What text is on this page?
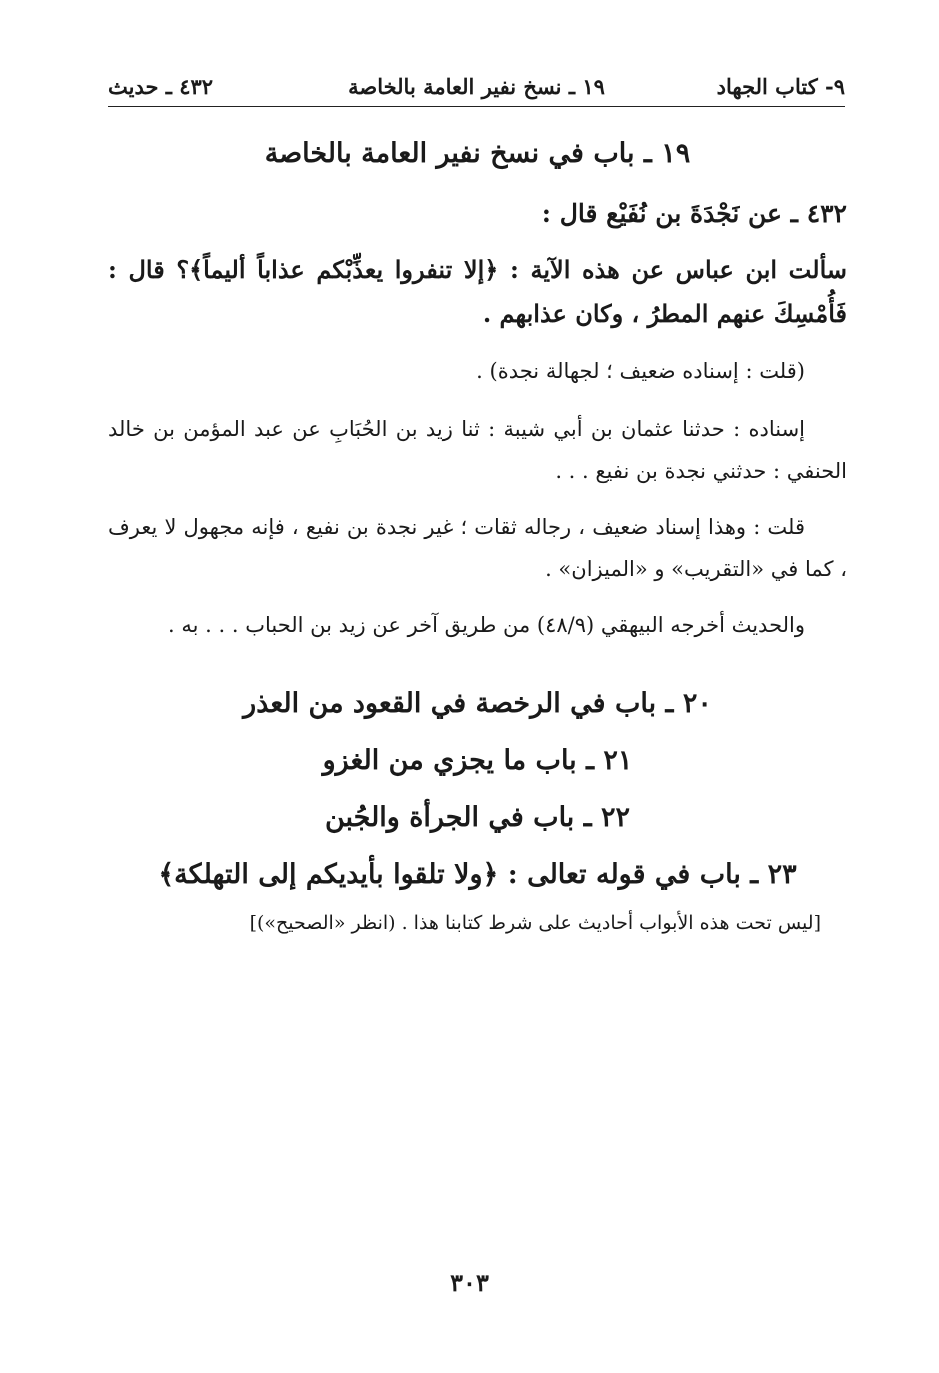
٩- كتاب الجهاد
١٩ ـ نسخ نفير العامة بالخاصة
٤٣٢ ـ حديث
١٩ ـ باب في نسخ نفير العامة بالخاصة

٤٣٢ ـ عن نَجْدَةَ بن نُفَيْع قال :

سألت ابن عباس عن هذه الآية : ﴿إلا تنفروا يعذِّبْكم عذاباً أليماً﴾؟ قال : فَأُمْسِكَ عنهم المطرُ ، وكان عذابهم .

(قلت : إسناده ضعيف ؛ لجهالة نجدة) .

إسناده : حدثنا عثمان بن أبي شيبة : ثنا زيد بن الحُبَابِ عن عبد المؤمن بن خالد الحنفي : حدثني نجدة بن نفيع . . .

قلت : وهذا إسناد ضعيف ، رجاله ثقات ؛ غير نجدة بن نفيع ، فإنه مجهول لا يعرف ، كما في «التقريب» و «الميزان» .

والحديث أخرجه البيهقي (٤٨/٩) من طريق آخر عن زيد بن الحباب . . . به .

٢٠ ـ باب في الرخصة في القعود من العذر
٢١ ـ باب ما يجزي من الغزو
٢٢ ـ باب في الجرأة والجُبن
٢٣ ـ باب في قوله تعالى : ﴿ولا تلقوا بأيديكم إلى التهلكة﴾

[ليس تحت هذه الأبواب أحاديث على شرط كتابنا هذا . (انظر «الصحيح»)]

٣٠٣
